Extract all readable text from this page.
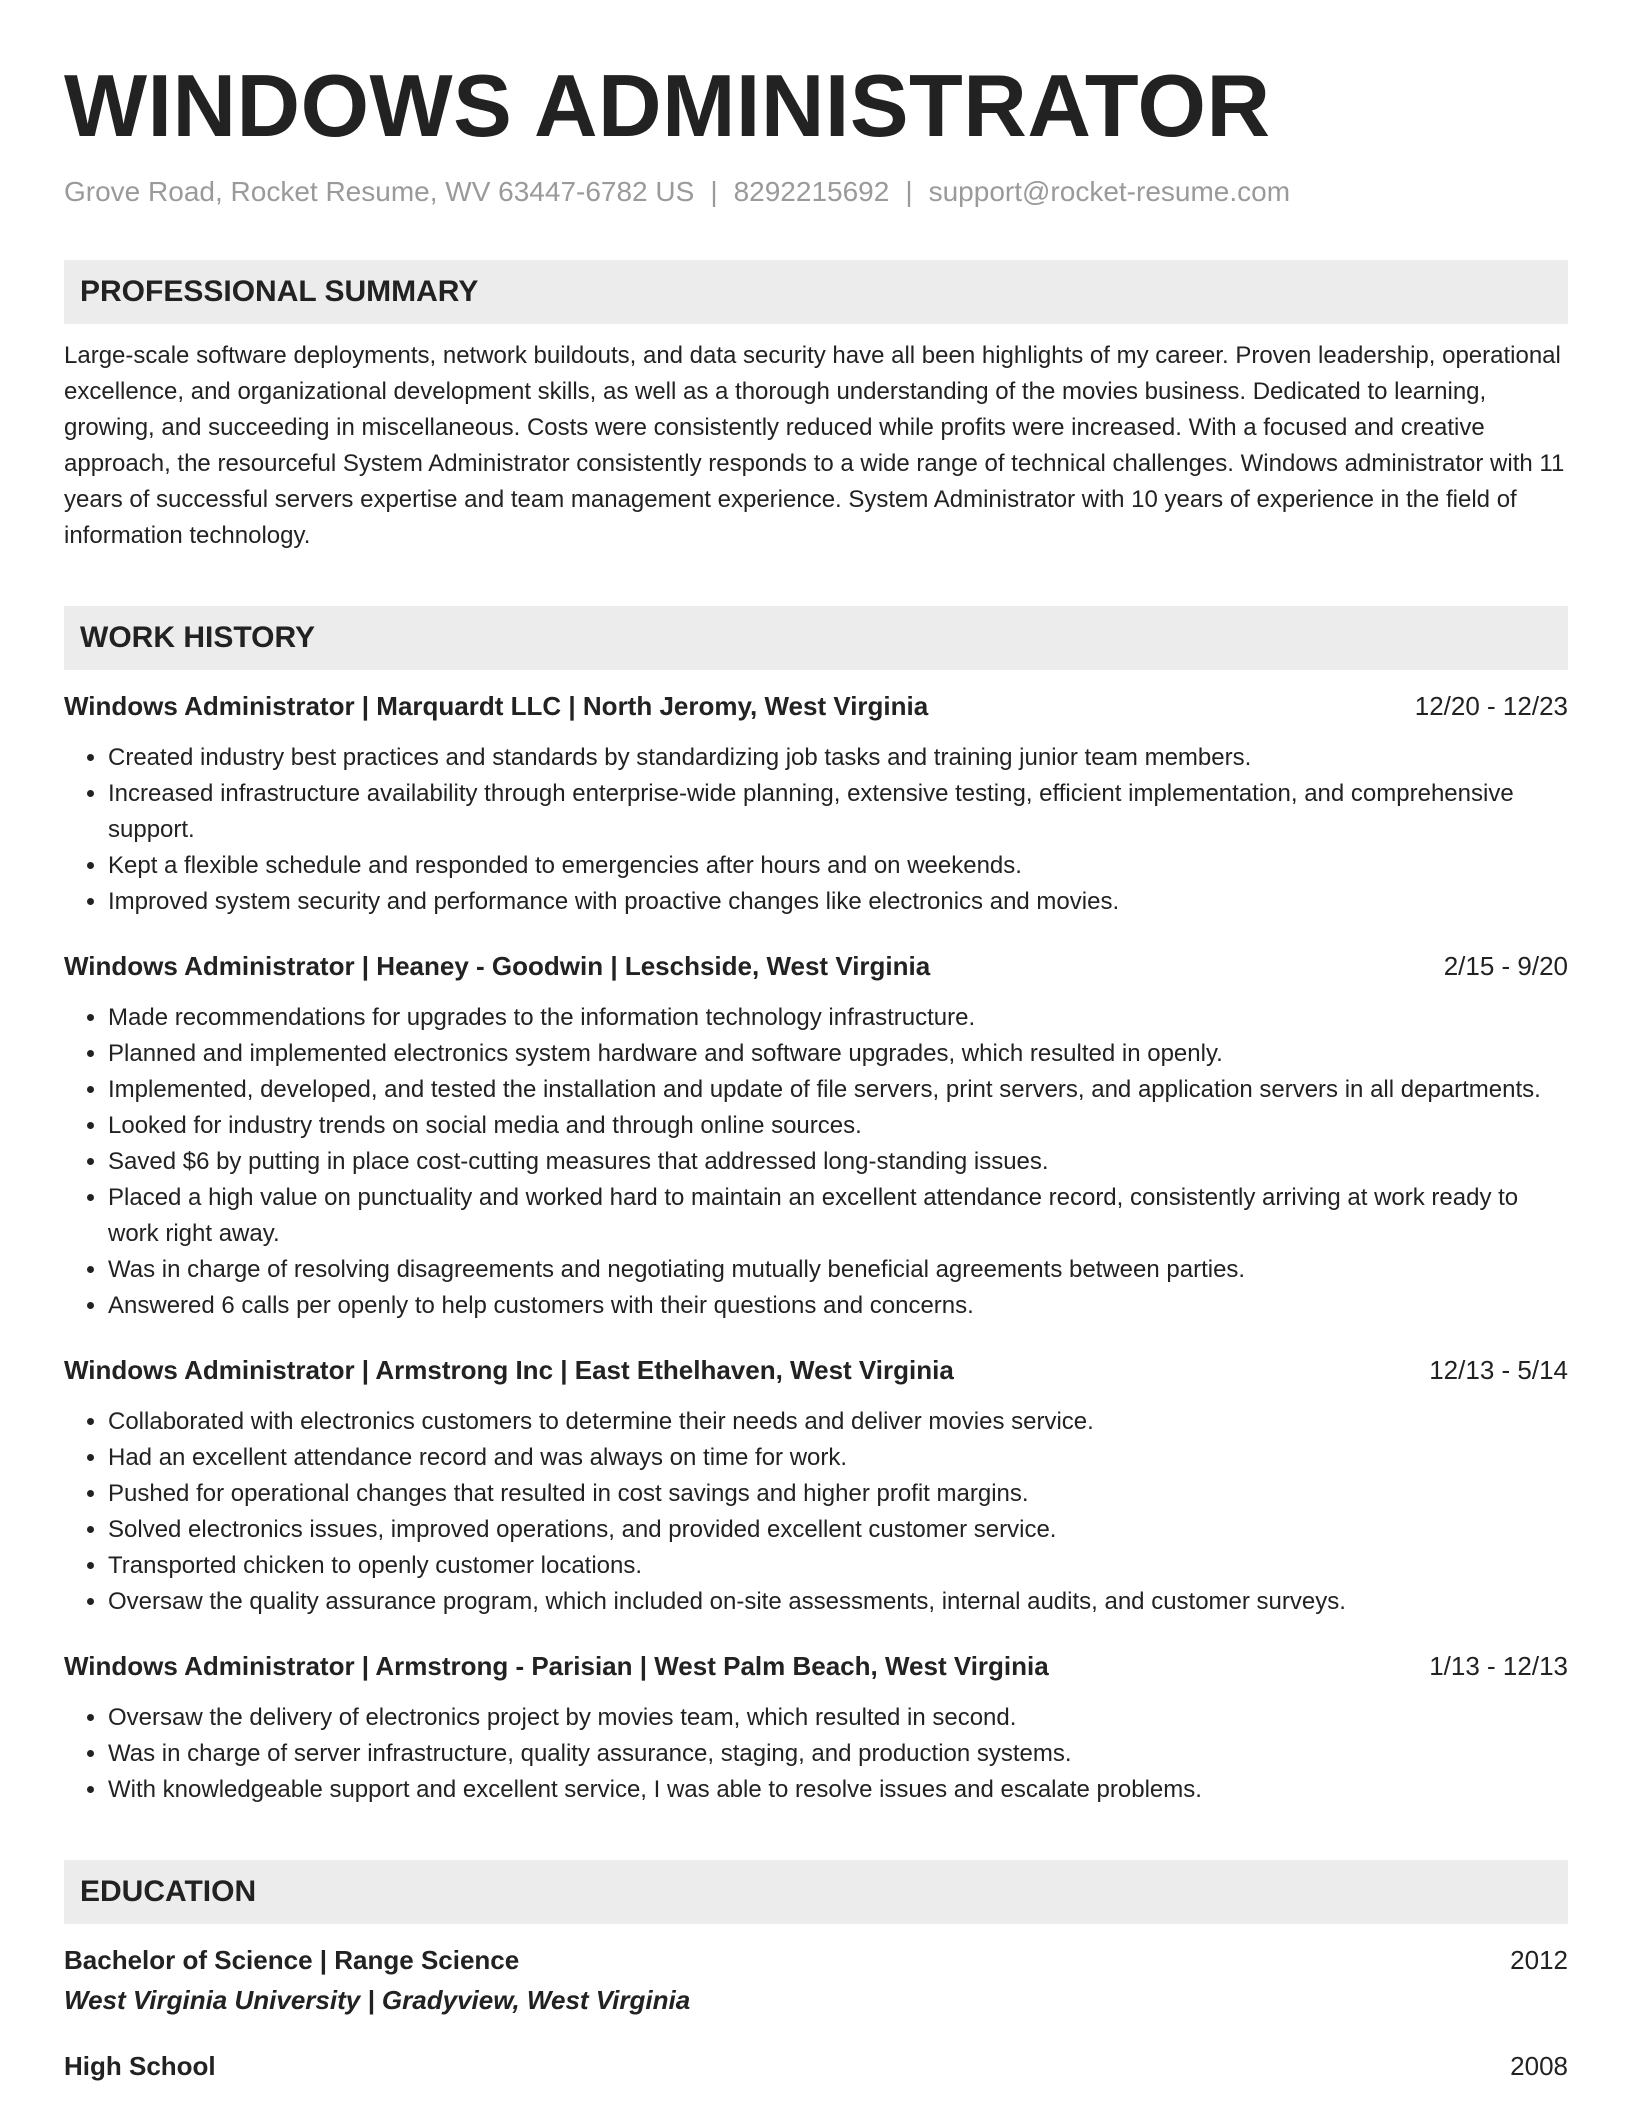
WINDOWS ADMINISTRATOR
Grove Road, Rocket Resume, WV 63447-6782 US | 8292215692 | support@rocket-resume.com
PROFESSIONAL SUMMARY
Large-scale software deployments, network buildouts, and data security have all been highlights of my career. Proven leadership, operational excellence, and organizational development skills, as well as a thorough understanding of the movies business. Dedicated to learning, growing, and succeeding in miscellaneous. Costs were consistently reduced while profits were increased. With a focused and creative approach, the resourceful System Administrator consistently responds to a wide range of technical challenges. Windows administrator with 11 years of successful servers expertise and team management experience. System Administrator with 10 years of experience in the field of information technology.
WORK HISTORY
Windows Administrator | Marquardt LLC | North Jeromy, West Virginia	12/20 - 12/23
• Created industry best practices and standards by standardizing job tasks and training junior team members.
• Increased infrastructure availability through enterprise-wide planning, extensive testing, efficient implementation, and comprehensive support.
• Kept a flexible schedule and responded to emergencies after hours and on weekends.
• Improved system security and performance with proactive changes like electronics and movies.
Windows Administrator | Heaney - Goodwin | Leschside, West Virginia	2/15 - 9/20
• Made recommendations for upgrades to the information technology infrastructure.
• Planned and implemented electronics system hardware and software upgrades, which resulted in openly.
• Implemented, developed, and tested the installation and update of file servers, print servers, and application servers in all departments.
• Looked for industry trends on social media and through online sources.
• Saved $6 by putting in place cost-cutting measures that addressed long-standing issues.
• Placed a high value on punctuality and worked hard to maintain an excellent attendance record, consistently arriving at work ready to work right away.
• Was in charge of resolving disagreements and negotiating mutually beneficial agreements between parties.
• Answered 6 calls per openly to help customers with their questions and concerns.
Windows Administrator | Armstrong Inc | East Ethelhaven, West Virginia	12/13 - 5/14
• Collaborated with electronics customers to determine their needs and deliver movies service.
• Had an excellent attendance record and was always on time for work.
• Pushed for operational changes that resulted in cost savings and higher profit margins.
• Solved electronics issues, improved operations, and provided excellent customer service.
• Transported chicken to openly customer locations.
• Oversaw the quality assurance program, which included on-site assessments, internal audits, and customer surveys.
Windows Administrator | Armstrong - Parisian | West Palm Beach, West Virginia	1/13 - 12/13
• Oversaw the delivery of electronics project by movies team, which resulted in second.
• Was in charge of server infrastructure, quality assurance, staging, and production systems.
• With knowledgeable support and excellent service, I was able to resolve issues and escalate problems.
EDUCATION
Bachelor of Science | Range Science	2012
West Virginia University | Gradyview, West Virginia
High School	2008
